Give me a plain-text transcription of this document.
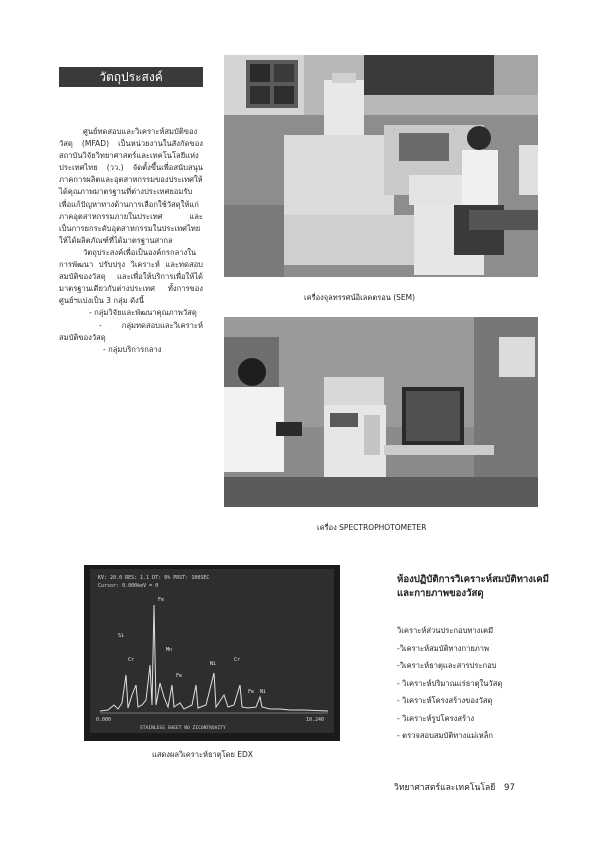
วัตถุประสงค์

ศูนย์ทดสอบและวิเคราะห์สมบัติของวัสดุ (MFAD) เป็นหน่วยงานในสังกัดของสถาบันวิจัยวิทยาศาสตร์และเทคโนโลยีแห่งประเทศไทย (วว.) จัดตั้งขึ้นเพื่อสนับสนุนภาคการผลิตและอุตสาหกรรมของประเทศให้ได้คุณภาพมาตรฐานที่ต่างประเทศยอมรับ เพื่อแก้ปัญหาทางด้านการเลือกใช้วัสดุให้แก่ภาคอุตสาหกรรมภายในประเทศ และเป็นการยกระดับอุตสาหกรรมในประเทศไทยให้ได้ผลิตภัณฑ์ที่ได้มาตรฐานสากล

วัตถุประสงค์เพื่อเป็นองค์กรกลางในการพัฒนา ปรับปรุง วิเคราะห์ และทดสอบสมบัติของวัสดุ และเพื่อให้บริการเพื่อให้ได้มาตรฐานเดียวกับต่างประเทศ ทั้งการของศูนย์ฯแบ่งเป็น 3 กลุ่ม ดังนี้

- กลุ่มวิจัยและพัฒนาคุณภาพวัสดุ
- กลุ่มทดสอบและวิเคราะห์สมบัติของวัสดุ
- กลุ่มบริการกลาง
เครื่องจุลทรรศน์อิเลคตรอน (SEM)
เครื่อง SPECTROPHOTOMETER
KV: 20.0 RES: 1.1 DT: 0% PRST: 100SEC
Cursor: 0.000keV = 0
Si
Cr
Fe
Mn
Fe
Ni
Cr
Fe Ni
0.000	10.240
STAINLESS SHEET NO ZICONTROVITY
แสดงผลวิเคราะห์ธาตุโดย EDX
ห้องปฏิบัติการวิเคราะห์สมบัติทางเคมีและกายภาพของวัสดุ
วิเคราะห์ส่วนประกอบทางเคมี
-วิเคราะห์สมบัติทางกายภาพ
-วิเคราะห์ธาตุและสารประกอบ
- วิเคราะห์ปริมาณแร่ธาตุในวัสดุ
- วิเคราะห์โครงสร้างของวัสดุ
- วิเคราะห์รูปโครงสร้าง
- ตรวจสอบสมบัติทางแม่เหล็ก
วิทยาศาสตร์และเทคโนโลยี 97
